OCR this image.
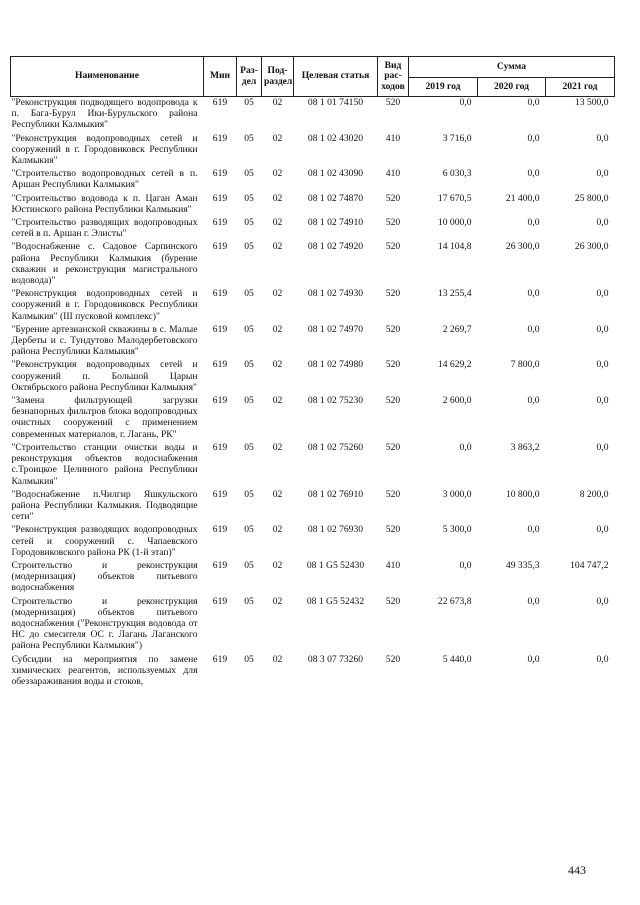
Наименование	Мин	Раз-дел	Под-раздел	Целевая статья	Вид рас-ходов	Сумма		
						2019 год	2020 год	2021 год
"Реконструкция подводящего водопровода к п. Бага-Бурул Ики-Бурульского района Республики Калмыкия"	619	05	02	08 1 01 74150	520	0,0	0,0	13 500,0
"Реконструкция водопроводных сетей и сооружений в г. Городовиковск Республики Калмыкия"	619	05	02	08 1 02 43020	410	3 716,0	0,0	0,0
"Строительство водопроводных сетей в п. Аршан Республики Калмыкия"	619	05	02	08 1 02 43090	410	6 030,3	0,0	0,0
"Строительство водовода к п. Цаган Аман Юстинского района Республики Калмыкия"	619	05	02	08 1 02 74870	520	17 670,5	21 400,0	25 800,0
"Строительство разводящих водопроводных сетей в п. Аршан г. Элисты"	619	05	02	08 1 02 74910	520	10 000,0	0,0	0,0
"Водоснабжение с. Садовое Сарпинского района Республики Калмыкия (бурение скважин и реконструкция магистрального водовода)"	619	05	02	08 1 02 74920	520	14 104,8	26 300,0	26 300,0
"Реконструкция водопроводных сетей и сооружений в г. Городовиковск Республики Калмыкия" (III пусковой комплекс)"	619	05	02	08 1 02 74930	520	13 255,4	0,0	0,0
"Бурение артезианской скважины в с. Малые Дербеты и с. Тундутово Малодербетовского района Республики Калмыкия"	619	05	02	08 1 02 74970	520	2 269,7	0,0	0,0
"Реконструкция водопроводных сетей и сооружений п. Большой Царын Октябрьского района Республики Калмыкия"	619	05	02	08 1 02 74980	520	14 629,2	7 800,0	0,0
"Замена фильтрующей загрузки безнапорных фильтров блока водопроводных очистных сооружений с применением современных материалов, г. Лагань, РК"	619	05	02	08 1 02 75230	520	2 600,0	0,0	0,0
"Строительство станции очистки воды и реконструкция объектов водоснабжения с.Троицкое Целинного района Республики Калмыкия"	619	05	02	08 1 02 75260	520	0,0	3 863,2	0,0
"Водоснабжение п.Чилгир Яшкульского района Республики Калмыкия. Подводящие сети"	619	05	02	08 1 02 76910	520	3 000,0	10 800,0	8 200,0
"Реконструкция разводящих водопроводных сетей и сооружений с. Чапаевского Городовиковского района РК (1-й этап)"	619	05	02	08 1 02 76930	520	5 300,0	0,0	0,0
Строительство и реконструкция (модернизация) объектов питьевого водоснабжения	619	05	02	08 1 G5 52430	410	0,0	49 335,3	104 747,2
Строительство и реконструкция (модернизация) объектов питьевого водоснабжения ("Реконструкция водовода от НС до смесителя ОС г. Лагань Лаганского района Республики Калмыкия")	619	05	02	08 1 G5 52432	520	22 673,8	0,0	0,0
Субсидии на мероприятия по замене химических реагентов, используемых для обеззараживания воды и стоков,	619	05	02	08 3 07 73260	520	5 440,0	0,0	0,0
443
